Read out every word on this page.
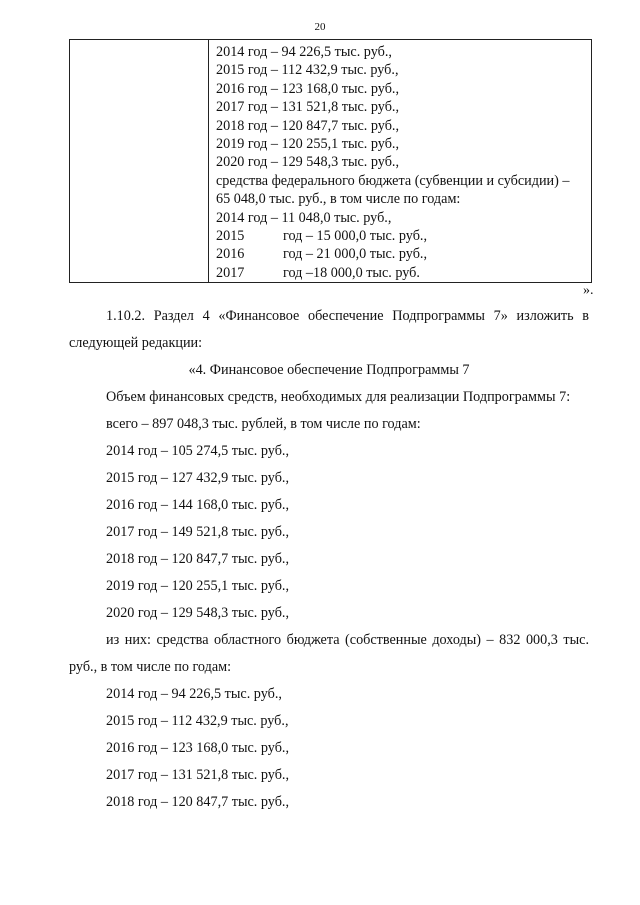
20

2014 год – 94 226,5 тыс. руб.,
2015 год – 112 432,9 тыс. руб.,
2016 год – 123 168,0 тыс. руб.,
2017 год – 131 521,8 тыс. руб.,
2018 год – 120 847,7 тыс. руб.,
2019 год – 120 255,1 тыс. руб.,
2020 год – 129 548,3 тыс. руб.,
средства федерального бюджета (субвенции и субсидии) – 65 048,0 тыс. руб., в том числе по годам:
2014 год – 11 048,0 тыс. руб.,
2015	год – 15 000,0 тыс. руб.,
2016	год – 21 000,0 тыс. руб.,
2017	год –18 000,0 тыс. руб.
».

1.10.2. Раздел 4 «Финансовое обеспечение Подпрограммы 7» изложить в следующей редакции:

«4. Финансовое обеспечение Подпрограммы 7

Объем финансовых средств, необходимых для реализации Подпрограммы 7:

всего – 897 048,3 тыс. рублей, в том числе по годам:

2014 год – 105 274,5 тыс. руб.,

2015 год – 127 432,9 тыс. руб.,

2016 год – 144 168,0 тыс. руб.,

2017 год – 149 521,8 тыс. руб.,

2018 год – 120 847,7 тыс. руб.,

2019 год – 120 255,1 тыс. руб.,

2020 год – 129 548,3 тыс. руб.,

из них: средства областного бюджета (собственные доходы) – 832 000,3 тыс. руб., в том числе по годам:

2014 год – 94 226,5 тыс. руб.,

2015 год – 112 432,9 тыс. руб.,

2016 год – 123 168,0 тыс. руб.,

2017 год – 131 521,8 тыс. руб.,

2018 год – 120 847,7 тыс. руб.,
